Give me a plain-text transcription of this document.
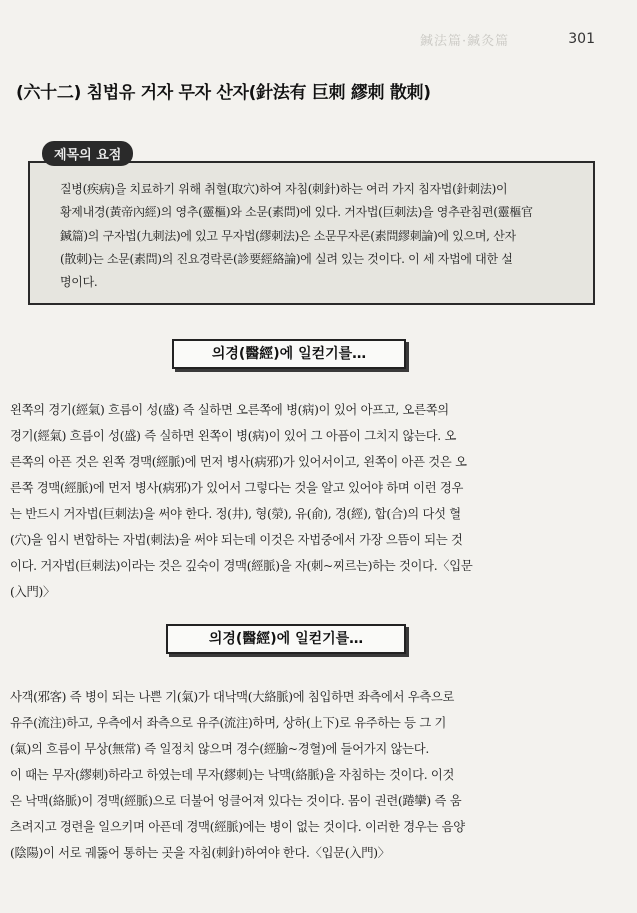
鍼法篇·鍼灸篇	301
(六十二) 침법유 거자 무자 산자(針法有 巨刺 繆刺 散刺)
제목의 요점
질병(疾病)을 치료하기 위해 취혈(取穴)하여 자침(刺針)하는 여러 가지 침자법(針刺法)이
황제내경(黃帝內經)의 영추(靈樞)와 소문(素問)에 있다. 거자법(巨刺法)을 영추관침편(靈樞官
鍼篇)의 구자법(九刺法)에 있고 무자법(繆刺法)은 소문무자론(素問繆刺論)에 있으며, 산자
(散刺)는 소문(素問)의 진요경락론(診要經絡論)에 실려 있는 것이다. 이 세 자법에 대한 설
명이다.
의경(醫經)에 일컫기를…
왼쪽의 경기(經氣) 흐름이 성(盛) 즉 실하면 오른쪽에 병(病)이 있어 아프고, 오른쪽의
경기(經氣) 흐름이 성(盛) 즉 실하면 왼쪽이 병(病)이 있어 그 아픔이 그치지 않는다. 오
른쪽의 아픈 것은 왼쪽 경맥(經脈)에 먼저 병사(病邪)가 있어서이고, 왼쪽이 아픈 것은 오
른쪽 경맥(經脈)에 먼저 병사(病邪)가 있어서 그렇다는 것을 알고 있어야 하며 이런 경우
는 반드시 거자법(巨刺法)을 써야 한다. 정(井), 형(滎), 유(俞), 경(經), 합(合)의 다섯 혈
(穴)을 임시 변합하는 자법(刺法)을 써야 되는데 이것은 자법중에서 가장 으뜸이 되는 것
이다. 거자법(巨刺法)이라는 것은 깊숙이 경맥(經脈)을 자(刺~찌르는)하는 것이다.〈입문
(入門)〉
의경(醫經)에 일컫기를…
사객(邪客) 즉 병이 되는 나쁜 기(氣)가 대낙맥(大絡脈)에 침입하면 좌측에서 우측으로
유주(流注)하고, 우측에서 좌측으로 유주(流注)하며, 상하(上下)로 유주하는 등 그 기
(氣)의 흐름이 무상(無常) 즉 일정치 않으며 경수(經腧~경혈)에 들어가지 않는다.
이 때는 무자(繆刺)하라고 하였는데 무자(繆刺)는 낙맥(絡脈)을 자침하는 것이다. 이것
은 낙맥(絡脈)이 경맥(經脈)으로 더불어 엉클어져 있다는 것이다. 몸이 권련(踡攣) 즉 움
츠려지고 경련을 일으키며 아픈데 경맥(經脈)에는 병이 없는 것이다. 이러한 경우는 음양
(陰陽)이 서로 궤뚫어 통하는 곳을 자침(刺針)하여야 한다.〈입문(入門)〉
